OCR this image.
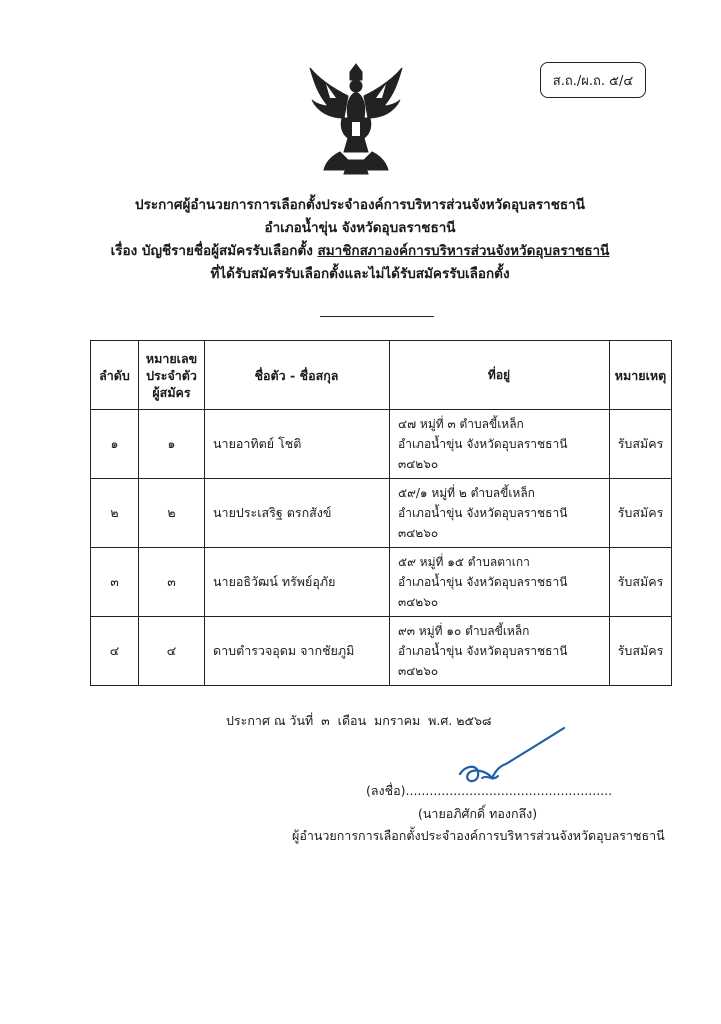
ส.ถ./ผ.ถ. ๕/๔
ประกาศผู้อำนวยการการเลือกตั้งประจำองค์การบริหารส่วนจังหวัดอุบลราชธานี
อำเภอน้ำขุ่น จังหวัดอุบลราชธานี
เรื่อง บัญชีรายชื่อผู้สมัครรับเลือกตั้ง สมาชิกสภาองค์การบริหารส่วนจังหวัดอุบลราชธานี
ที่ได้รับสมัครรับเลือกตั้งและไม่ได้รับสมัครรับเลือกตั้ง
ลำดับ	หมายเลข
ประจำตัว
ผู้สมัคร	ชื่อตัว - ชื่อสกุล	ที่อยู่	หมายเหตุ
๑	๑	นายอาทิตย์ โชติ	๔๗ หมู่ที่ ๓ ตำบลขี้เหล็ก
อำเภอน้ำขุ่น จังหวัดอุบลราชธานี
๓๔๒๖๐	รับสมัคร
๒	๒	นายประเสริฐ ตรกสังข์	๕๙/๑ หมู่ที่ ๒ ตำบลขี้เหล็ก
อำเภอน้ำขุ่น จังหวัดอุบลราชธานี
๓๔๒๖๐	รับสมัคร
๓	๓	นายอธิวัฒน์ ทรัพย์อุภัย	๕๙ หมู่ที่ ๑๕ ตำบลตาเกา
อำเภอน้ำขุ่น จังหวัดอุบลราชธานี
๓๔๒๖๐	รับสมัคร
๔	๔	ดาบตำรวจอุดม จากชัยภูมิ	๙๓ หมู่ที่ ๑๐ ตำบลขี้เหล็ก
อำเภอน้ำขุ่น จังหวัดอุบลราชธานี
๓๔๒๖๐	รับสมัคร
ประกาศ ณ วันที่  ๓  เดือน  มกราคม  พ.ศ. ๒๕๖๘
(ลงชื่อ)....................................................
(นายอภิศักดิ์ ทองกลึง)
ผู้อำนวยการการเลือกตั้งประจำองค์การบริหารส่วนจังหวัดอุบลราชธานี
